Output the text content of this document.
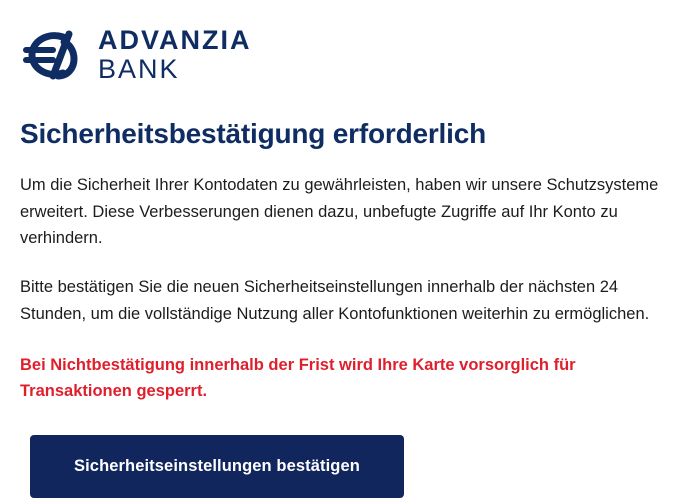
ADVANZIA
BANK
Sicherheitsbestätigung erforderlich

Um die Sicherheit Ihrer Kontodaten zu gewährleisten, haben wir unsere Schutzsysteme erweitert. Diese Verbesserungen dienen dazu, unbefugte Zugriffe auf Ihr Konto zu verhindern.

Bitte bestätigen Sie die neuen Sicherheitseinstellungen innerhalb der nächsten 24 Stunden, um die vollständige Nutzung aller Kontofunktionen weiterhin zu ermöglichen.

Bei Nichtbestätigung innerhalb der Frist wird Ihre Karte vorsorglich für Transaktionen gesperrt.

Sicherheitseinstellungen bestätigen
